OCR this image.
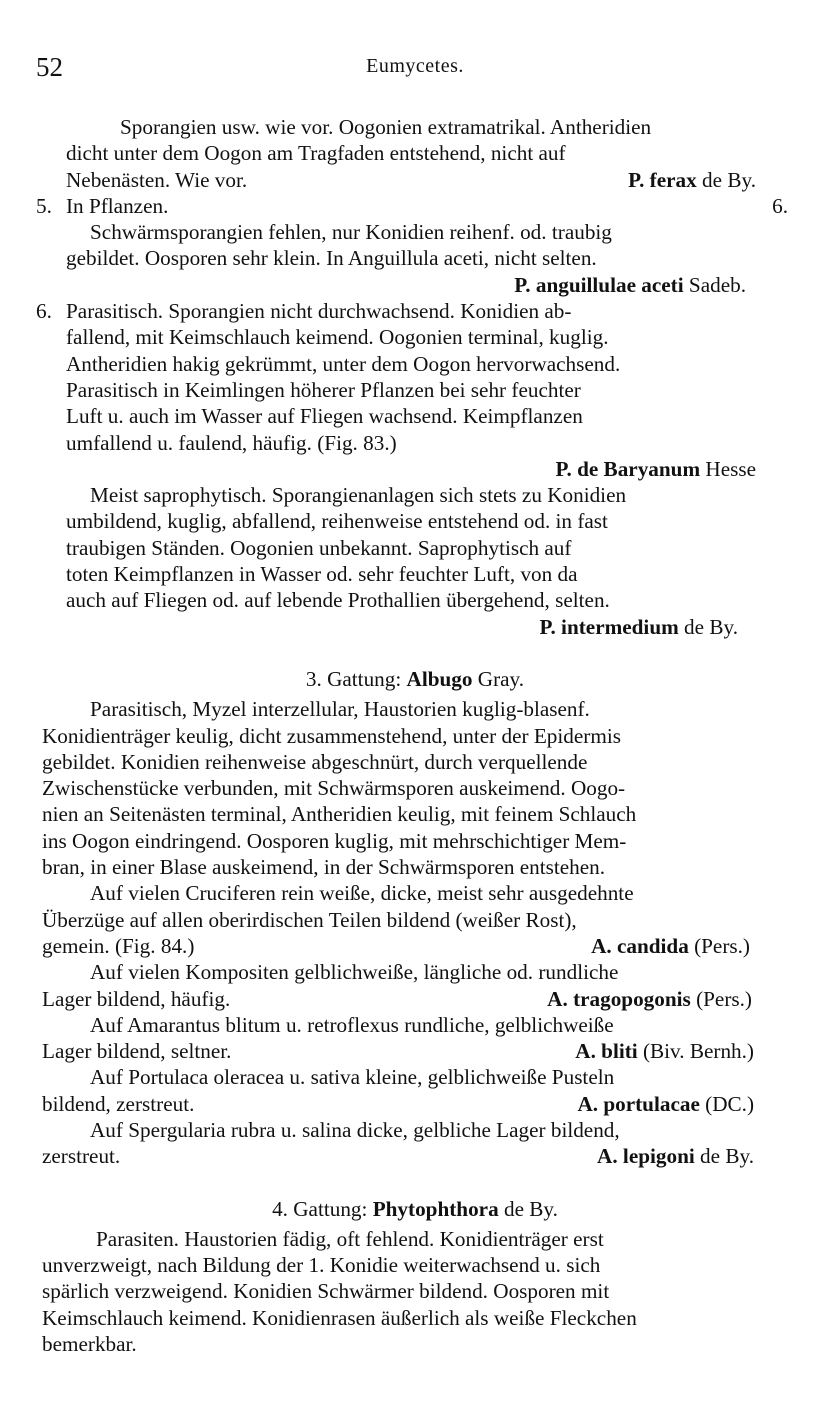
52	Eumycetes.
Sporangien usw. wie vor. Oogonien extramatrikal. Antheridien
dicht unter dem Oogon am Tragfaden entstehend, nicht auf
Nebenästen. Wie vor.	P. ferax de By.
5. In Pflanzen.	6.
Schwärmsporangien fehlen, nur Konidien reihenf. od. traubig
gebildet. Oosporen sehr klein. In Anguillula aceti, nicht selten.
P. anguillulae aceti Sadeb.
6. Parasitisch. Sporangien nicht durchwachsend. Konidien ab-
fallend, mit Keimschlauch keimend. Oogonien terminal, kuglig.
Antheridien hakig gekrümmt, unter dem Oogon hervorwachsend.
Parasitisch in Keimlingen höherer Pflanzen bei sehr feuchter
Luft u. auch im Wasser auf Fliegen wachsend. Keimpflanzen
umfallend u. faulend, häufig. (Fig. 83.)
P. de Baryanum Hesse
Meist saprophytisch. Sporangienanlagen sich stets zu Konidien
umbildend, kuglig, abfallend, reihenweise entstehend od. in fast
traubigen Ständen. Oogonien unbekannt. Saprophytisch auf
toten Keimpflanzen in Wasser od. sehr feuchter Luft, von da
auch auf Fliegen od. auf lebende Prothallien übergehend, selten.
P. intermedium de By.
3. Gattung: Albugo Gray.
Parasitisch, Myzel interzellular, Haustorien kuglig-blasenf.
Konidienträger keulig, dicht zusammenstehend, unter der Epidermis
gebildet. Konidien reihenweise abgeschnürt, durch verquellende
Zwischenstücke verbunden, mit Schwärmsporen auskeimend. Oogo-
nien an Seitenästen terminal, Antheridien keulig, mit feinem Schlauch
ins Oogon eindringend. Oosporen kuglig, mit mehrschichtiger Mem-
bran, in einer Blase auskeimend, in der Schwärmsporen entstehen.
Auf vielen Cruciferen rein weiße, dicke, meist sehr ausgedehnte
Überzüge auf allen oberirdischen Teilen bildend (weißer Rost),
gemein. (Fig. 84.)	A. candida (Pers.)
Auf vielen Kompositen gelblichweiße, längliche od. rundliche
Lager bildend, häufig.	A. tragopogonis (Pers.)
Auf Amarantus blitum u. retroflexus rundliche, gelblichweiße
Lager bildend, seltner.	A. bliti (Biv. Bernh.)
Auf Portulaca oleracea u. sativa kleine, gelblichweiße Pusteln
bildend, zerstreut.	A. portulacae (DC.)
Auf Spergularia rubra u. salina dicke, gelbliche Lager bildend,
zerstreut.	A. lepigoni de By.
4. Gattung: Phytophthora de By.
Parasiten. Haustorien fädig, oft fehlend. Konidienträger erst
unverzweigt, nach Bildung der 1. Konidie weiterwachsend u. sich
spärlich verzweigend. Konidien Schwärmer bildend. Oosporen mit
Keimschlauch keimend. Konidienrasen äußerlich als weiße Fleckchen
bemerkbar.
